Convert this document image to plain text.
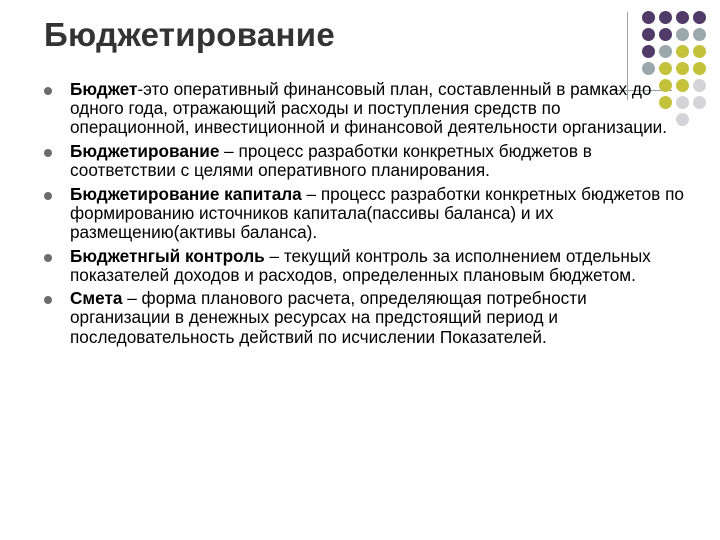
Бюджетирование
Бюджет-это оперативный финансовый план, составленный в рамках до одного года, отражающий расходы и поступления средств по операционной, инвестиционной и финансовой деятельности организации.
Бюджетирование – процесс разработки конкретных бюджетов в соответствии с целями оперативного планирования.
Бюджетирование капитала – процесс разработки конкретных бюджетов по формированию источников капитала(пассивы баланса) и их размещению(активы баланса).
Бюджетнгый контроль – текущий контроль за исполнением отдельных показателей доходов и расходов, определенных плановым бюджетом.
Смета – форма планового расчета, определяющая потребности организации в денежных ресурсах на предстоящий период и последовательность действий по исчислении Показателей.
